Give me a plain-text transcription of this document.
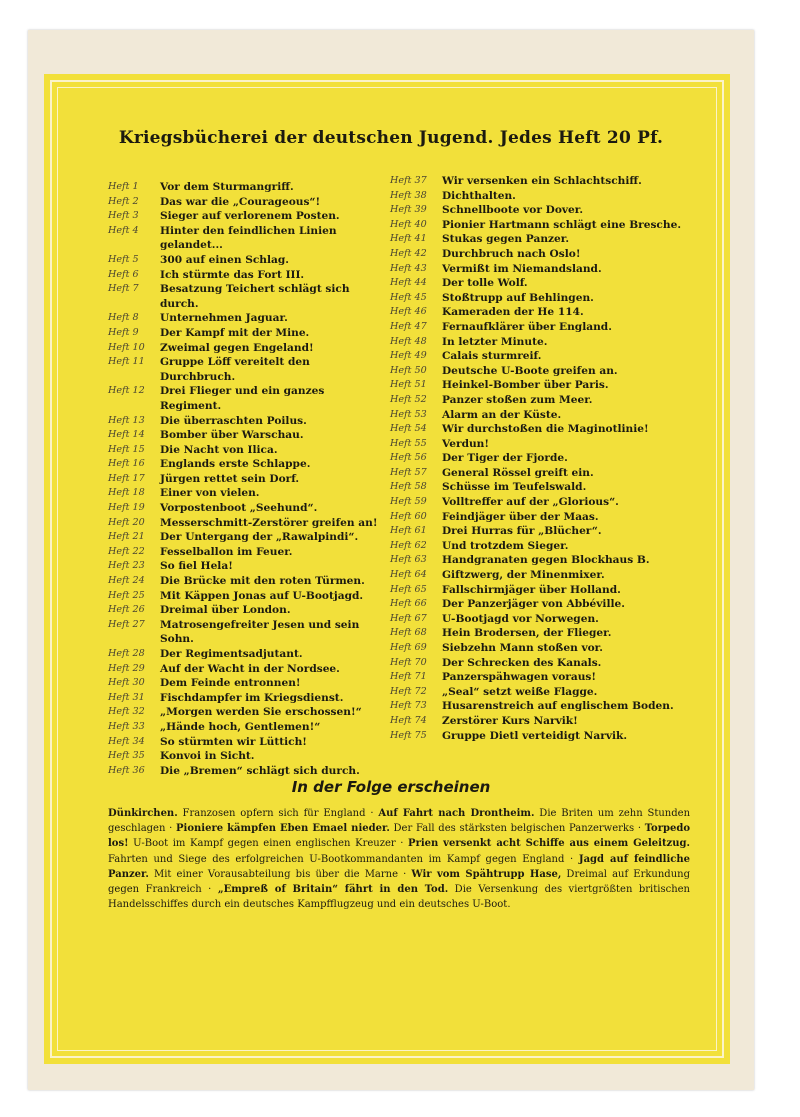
Kriegsbücherei der deutschen Jugend. Jedes Heft 20 Pf.
Heft 1	Vor dem Sturmangriff.
Heft 2	Das war die „Courageous“!
Heft 3	Sieger auf verlorenem Posten.
Heft 4	Hinter den feindlichen Linien gelandet...
Heft 5	300 auf einen Schlag.
Heft 6	Ich stürmte das Fort III.
Heft 7	Besatzung Teichert schlägt sich durch.
Heft 8	Unternehmen Jaguar.
Heft 9	Der Kampf mit der Mine.
Heft 10	Zweimal gegen Engeland!
Heft 11	Gruppe Löff vereitelt den Durchbruch.
Heft 12	Drei Flieger und ein ganzes Regiment.
Heft 13	Die überraschten Poilus.
Heft 14	Bomber über Warschau.
Heft 15	Die Nacht von Ilica.
Heft 16	Englands erste Schlappe.
Heft 17	Jürgen rettet sein Dorf.
Heft 18	Einer von vielen.
Heft 19	Vorpostenboot „Seehund“.
Heft 20	Messerschmitt-Zerstörer greifen an!
Heft 21	Der Untergang der „Rawalpindi“.
Heft 22	Fesselballon im Feuer.
Heft 23	So fiel Hela!
Heft 24	Die Brücke mit den roten Türmen.
Heft 25	Mit Käppen Jonas auf U-Bootjagd.
Heft 26	Dreimal über London.
Heft 27	Matrosengefreiter Jesen und sein Sohn.
Heft 28	Der Regimentsadjutant.
Heft 29	Auf der Wacht in der Nordsee.
Heft 30	Dem Feinde entronnen!
Heft 31	Fischdampfer im Kriegsdienst.
Heft 32	„Morgen werden Sie erschossen!“
Heft 33	„Hände hoch, Gentlemen!“
Heft 34	So stürmten wir Lüttich!
Heft 35	Konvoi in Sicht.
Heft 36	Die „Bremen“ schlägt sich durch.
Heft 37	Wir versenken ein Schlachtschiff.
Heft 38	Dichthalten.
Heft 39	Schnellboote vor Dover.
Heft 40	Pionier Hartmann schlägt eine Bresche.
Heft 41	Stukas gegen Panzer.
Heft 42	Durchbruch nach Oslo!
Heft 43	Vermißt im Niemandsland.
Heft 44	Der tolle Wolf.
Heft 45	Stoßtrupp auf Behlingen.
Heft 46	Kameraden der He 114.
Heft 47	Fernaufklärer über England.
Heft 48	In letzter Minute.
Heft 49	Calais sturmreif.
Heft 50	Deutsche U-Boote greifen an.
Heft 51	Heinkel-Bomber über Paris.
Heft 52	Panzer stoßen zum Meer.
Heft 53	Alarm an der Küste.
Heft 54	Wir durchstoßen die Maginotlinie!
Heft 55	Verdun!
Heft 56	Der Tiger der Fjorde.
Heft 57	General Rössel greift ein.
Heft 58	Schüsse im Teufelswald.
Heft 59	Volltreffer auf der „Glorious“.
Heft 60	Feindjäger über der Maas.
Heft 61	Drei Hurras für „Blücher“.
Heft 62	Und trotzdem Sieger.
Heft 63	Handgranaten gegen Blockhaus B.
Heft 64	Giftzwerg, der Minenmixer.
Heft 65	Fallschirmjäger über Holland.
Heft 66	Der Panzerjäger von Abbéville.
Heft 67	U-Bootjagd vor Norwegen.
Heft 68	Hein Brodersen, der Flieger.
Heft 69	Siebzehn Mann stoßen vor.
Heft 70	Der Schrecken des Kanals.
Heft 71	Panzerspähwagen voraus!
Heft 72	„Seal“ setzt weiße Flagge.
Heft 73	Husarenstreich auf englischem Boden.
Heft 74	Zerstörer Kurs Narvik!
Heft 75	Gruppe Dietl verteidigt Narvik.
In der Folge erscheinen
Dünkirchen. Franzosen opfern sich für England · Auf Fahrt nach Drontheim. Die Briten um zehn Stunden geschlagen · Pioniere kämpfen Eben Emael nieder. Der Fall des stärksten belgischen Panzerwerks · Torpedo los! U-Boot im Kampf gegen einen englischen Kreuzer · Prien versenkt acht Schiffe aus einem Geleitzug. Fahrten und Siege des erfolgreichen U-Bootkommandanten im Kampf gegen England · Jagd auf feindliche Panzer. Mit einer Vorausabteilung bis über die Marne · Wir vom Spähtrupp Hase, Dreimal auf Erkundung gegen Frankreich · „Empreß of Britain“ fährt in den Tod. Die Versenkung des viertgrößten britischen Handelsschiffes durch ein deutsches Kampfflugzeug und ein deutsches U-Boot.
